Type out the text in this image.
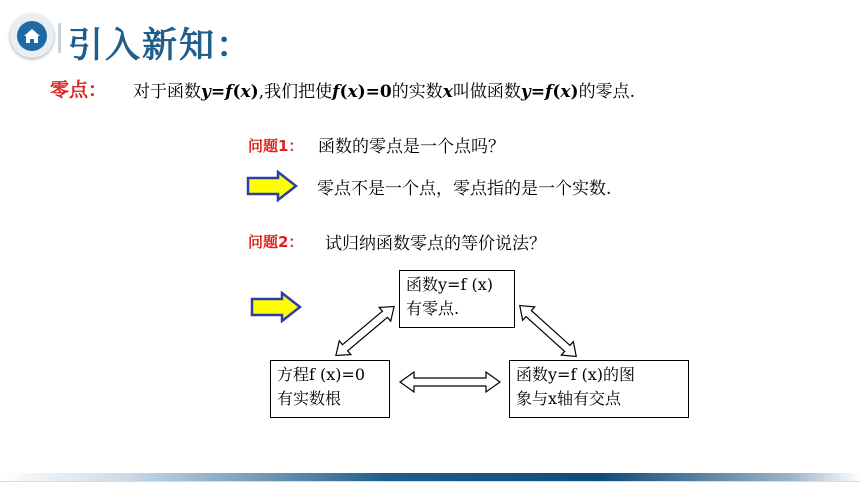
引入新知：
零点： 对于函数y=f(x),我们把使f(x)=0的实数x叫做函数y=f(x)的零点.
问题1： 函数的零点是一个点吗？
零点不是一个点，零点指的是一个实数.
问题2： 试归纳函数零点的等价说法？
函数y=f (x)
有零点.
方程f (x)=0
有实数根
函数y=f (x)的图
象与x轴有交点
